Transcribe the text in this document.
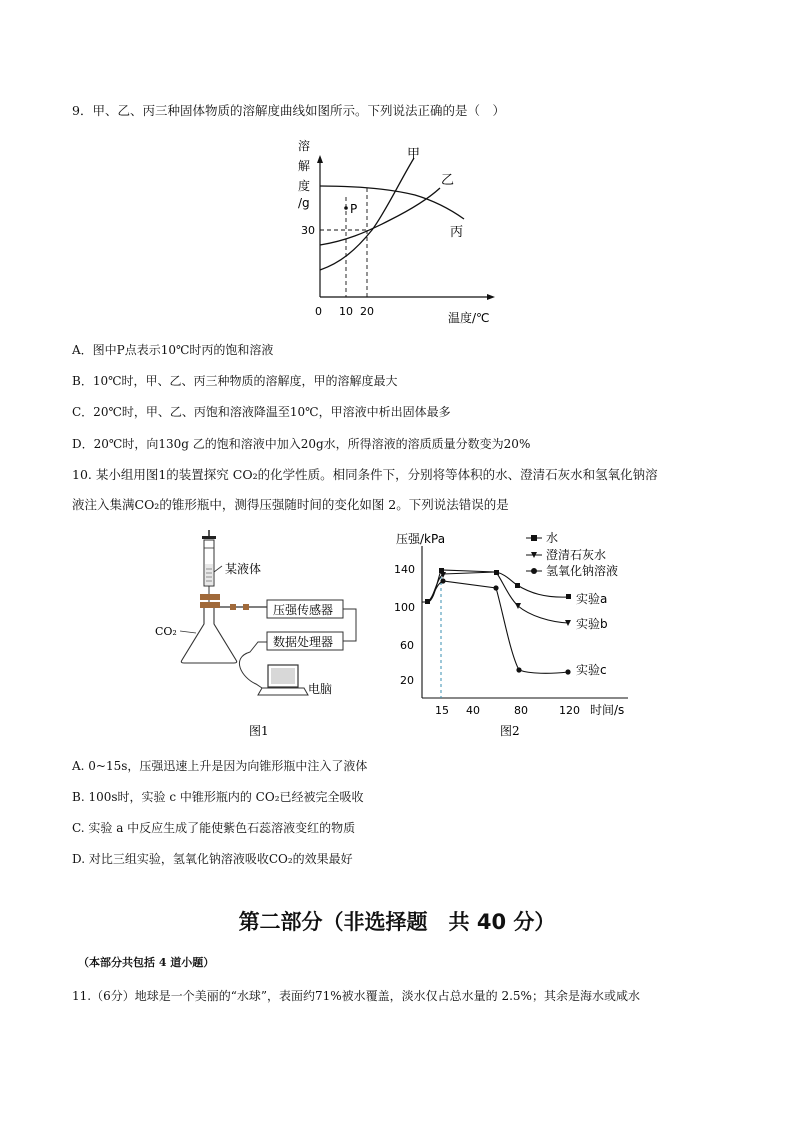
9．甲、乙、丙三种固体物质的溶解度曲线如图所示。下列说法正确的是（　）
溶
解
度
/g	P
甲
乙
丙
30
0 10 20	温度/℃
A．图中P点表示10℃时丙的饱和溶液
B．10℃时，甲、乙、丙三种物质的溶解度，甲的溶解度最大
C．20℃时，甲、乙、丙饱和溶液降温至10℃，甲溶液中析出固体最多
D．20℃时，向130g 乙的饱和溶液中加入20g水，所得溶液的溶质质量分数变为20%
10. 某小组用图1的装置探究 CO₂的化学性质。相同条件下，分别将等体积的水、澄清石灰水和氢氧化钠溶
液注入集满CO₂的锥形瓶中，测得压强随时间的变化如图 2。下列说法错误的是
某液体
CO₂
压强传感器
数据处理器
电脑
图1
压强/kPa
时间/s
20
60
100
140
15 40	80	120
水
澄清石灰水
氢氧化钠溶液
实验a
实验b
实验c
图2
A. 0~15s，压强迅速上升是因为向锥形瓶中注入了液体
B. 100s时，实验 c 中锥形瓶内的 CO₂已经被完全吸收
C. 实验 a 中反应生成了能使紫色石蕊溶液变红的物质
D. 对比三组实验，氢氧化钠溶液吸收CO₂的效果最好
第二部分（非选择题　共 40 分）
（本部分共包括 4 道小题）
11.（6分）地球是一个美丽的“水球”，表面约71%被水覆盖，淡水仅占总水量的 2.5%；其余是海水或咸水
